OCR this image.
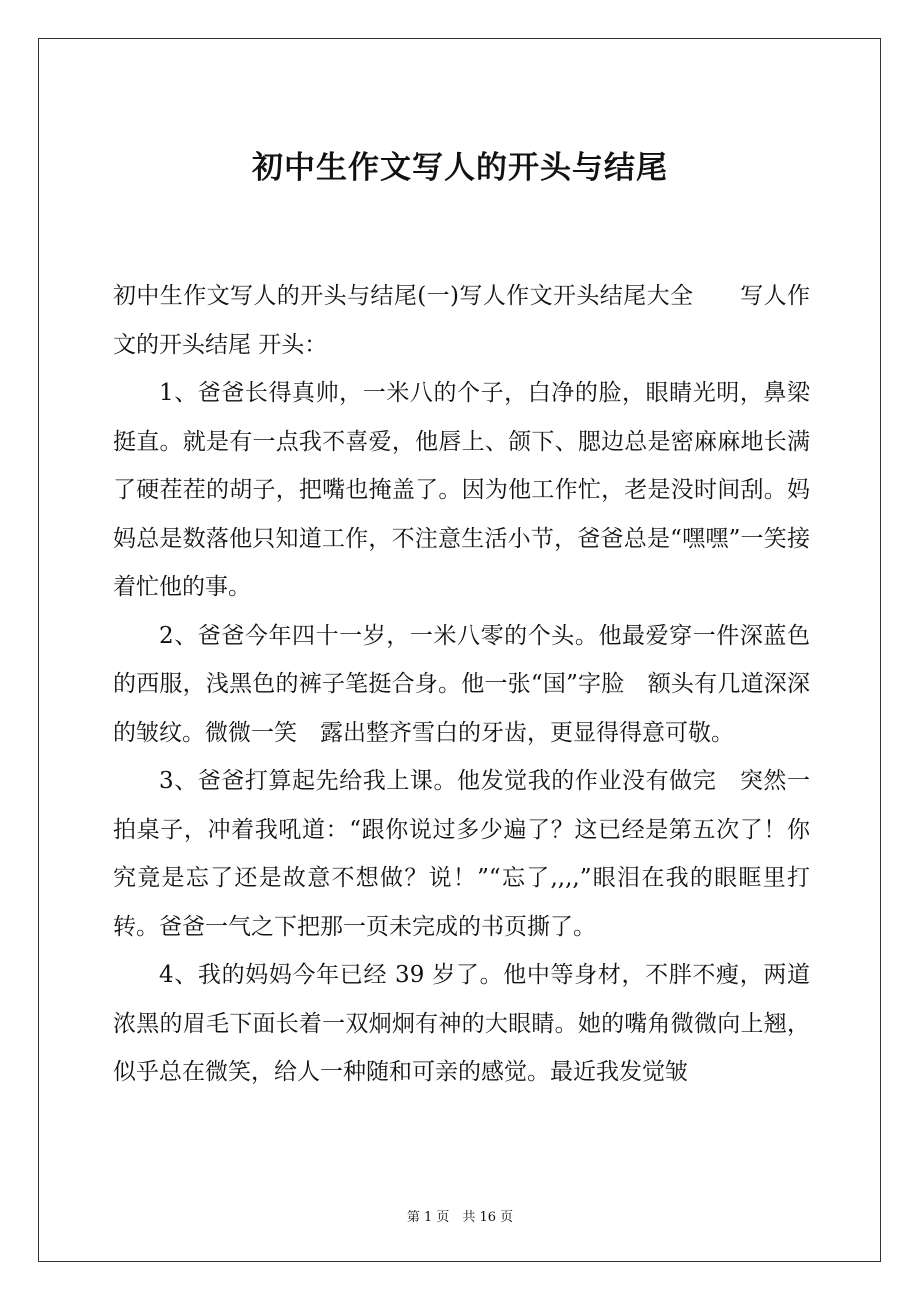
初中生作文写人的开头与结尾

初中生作文写人的开头与结尾(一)写人作文开头结尾大全　　写人作文的开头结尾 开头：

1、爸爸长得真帅，一米八的个子，白净的脸，眼睛光明，鼻梁挺直。就是有一点我不喜爱，他唇上、颌下、腮边总是密麻麻地长满了硬茬茬的胡子，把嘴也掩盖了。因为他工作忙，老是没时间刮。妈妈总是数落他只知道工作，不注意生活小节，爸爸总是“嘿嘿”一笑接着忙他的事。

2、爸爸今年四十一岁，一米八零的个头。他最爱穿一件深蓝色的西服，浅黑色的裤子笔挺合身。他一张“国”字脸　额头有几道深深的皱纹。微微一笑　露出整齐雪白的牙齿，更显得得意可敬。

3、爸爸打算起先给我上课。他发觉我的作业没有做完　突然一拍桌子，冲着我吼道：“跟你说过多少遍了？这已经是第五次了！你究竟是忘了还是故意不想做？说！”“忘了,,,,”眼泪在我的眼眶里打转。爸爸一气之下把那一页未完成的书页撕了。

4、我的妈妈今年已经 39 岁了。他中等身材，不胖不瘦，两道浓黑的眉毛下面长着一双炯炯有神的大眼睛。她的嘴角微微向上翘，似乎总在微笑，给人一种随和可亲的感觉。最近我发觉皱

第 1 页　共 16 页
